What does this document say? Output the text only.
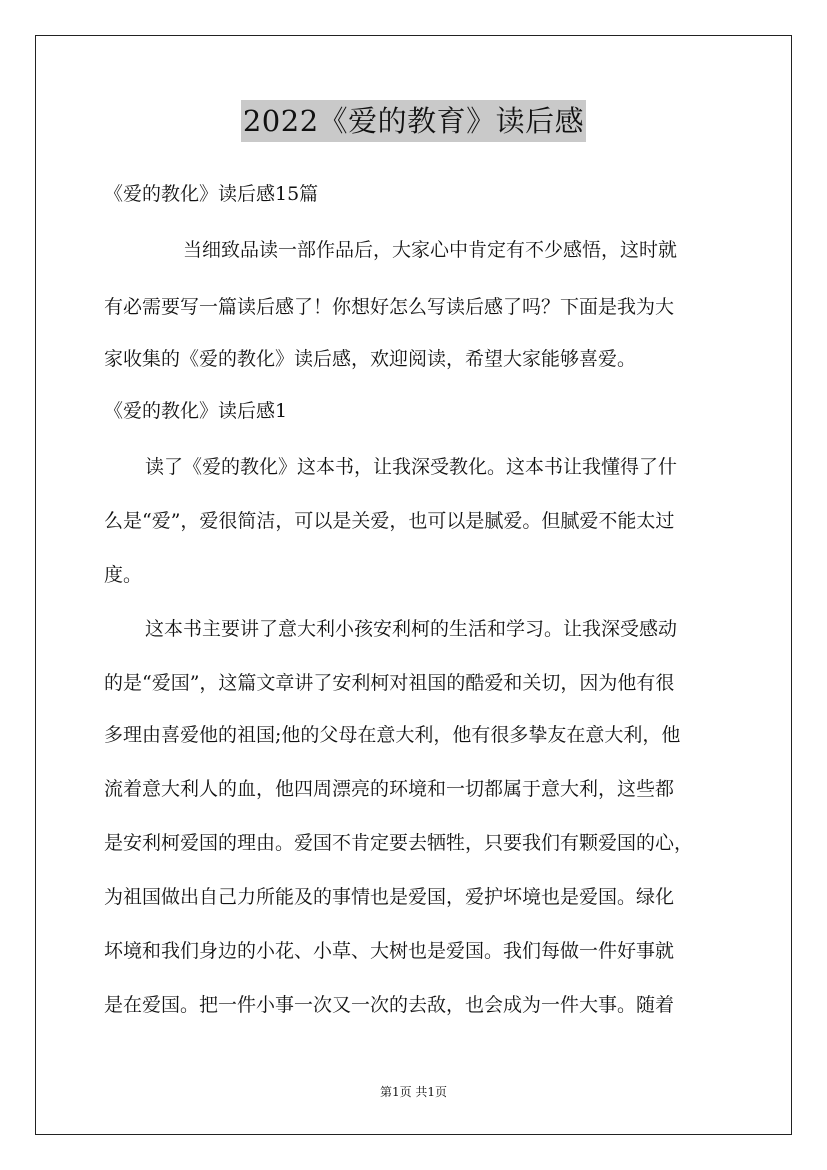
2022《爱的教育》读后感
《爱的教化》读后感15篇
当细致品读一部作品后，大家心中肯定有不少感悟，这时就
有必需要写一篇读后感了！你想好怎么写读后感了吗？下面是我为大
家收集的《爱的教化》读后感，欢迎阅读，希望大家能够喜爱。
《爱的教化》读后感1
读了《爱的教化》这本书，让我深受教化。这本书让我懂得了什
么是“爱”，爱很简洁，可以是关爱，也可以是腻爱。但腻爱不能太过
度。
这本书主要讲了意大利小孩安利柯的生活和学习。让我深受感动
的是“爱国”，这篇文章讲了安利柯对祖国的酷爱和关切，因为他有很
多理由喜爱他的祖国;他的父母在意大利，他有很多挚友在意大利，他
流着意大利人的血，他四周漂亮的环境和一切都属于意大利，这些都
是安利柯爱国的理由。爱国不肯定要去牺牲，只要我们有颗爱国的心，
为祖国做出自己力所能及的事情也是爱国，爱护坏境也是爱国。绿化
坏境和我们身边的小花、小草、大树也是爱国。我们每做一件好事就
是在爱国。把一件小事一次又一次的去敌，也会成为一件大事。随着
第1页 共1页
